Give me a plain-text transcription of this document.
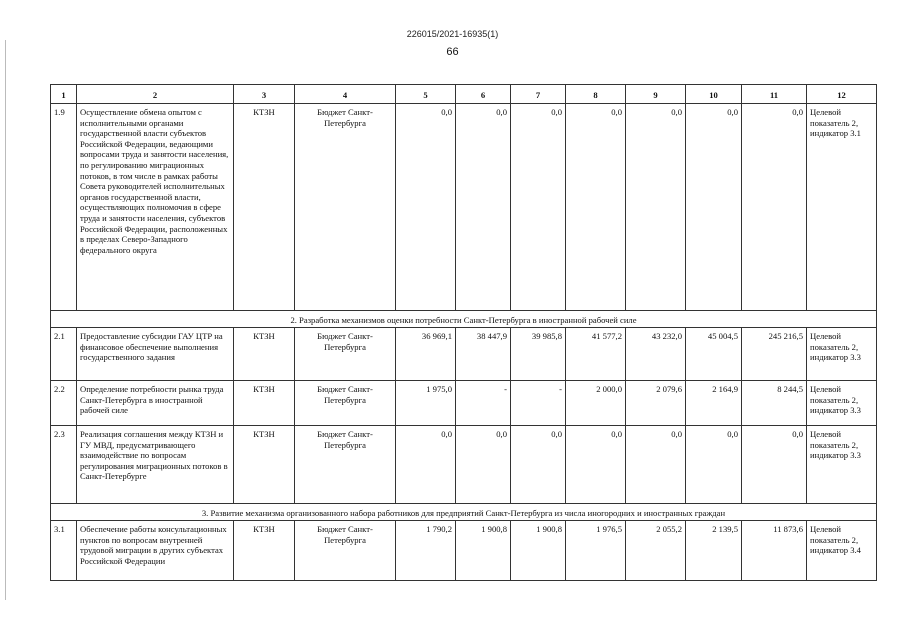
226015/2021-16935(1)
66
1	2	3	4	5	6	7	8	9	10	11	12
1.9	Осуществление обмена опытом с исполнительными органами государственной власти субъектов Российской Федерации, ведающими вопросами труда и занятости населения, по регулированию миграционных потоков, в том числе в рамках работы Совета руководителей исполнительных органов государственной власти, осуществляющих полномочия в сфере труда и занятости населения, субъектов Российской Федерации, расположенных в пределах Северо-Западного федерального округа	КТЗН	Бюджет Санкт-Петербурга	0,0	0,0	0,0	0,0	0,0	0,0	0,0	Целевой показатель 2, индикатор 3.1
2. Разработка механизмов оценки потребности Санкт-Петербурга в иностранной рабочей силе											
2.1	Предоставление субсидии ГАУ ЦТР на финансовое обеспечение выполнения государственного задания	КТЗН	Бюджет Санкт-Петербурга	36 969,1	38 447,9	39 985,8	41 577,2	43 232,0	45 004,5	245 216,5	Целевой показатель 2, индикатор 3.3
2.2	Определение потребности рынка труда Санкт-Петербурга в иностранной рабочей силе	КТЗН	Бюджет Санкт-Петербурга	1 975,0	-	-	2 000,0	2 079,6	2 164,9	8 244,5	Целевой показатель 2, индикатор 3.3
2.3	Реализация соглашения между КТЗН и ГУ МВД, предусматривающего взаимодействие по вопросам регулирования миграционных потоков в Санкт-Петербурге	КТЗН	Бюджет Санкт-Петербурга	0,0	0,0	0,0	0,0	0,0	0,0	0,0	Целевой показатель 2, индикатор 3.3
3. Развитие механизма организованного набора работников для предприятий Санкт-Петербурга из числа иногородних и иностранных граждан											
3.1	Обеспечение работы консультационных пунктов по вопросам внутренней трудовой миграции в других субъектах Российской Федерации	КТЗН	Бюджет Санкт-Петербурга	1 790,2	1 900,8	1 900,8	1 976,5	2 055,2	2 139,5	11 873,6	Целевой показатель 2, индикатор 3.4
